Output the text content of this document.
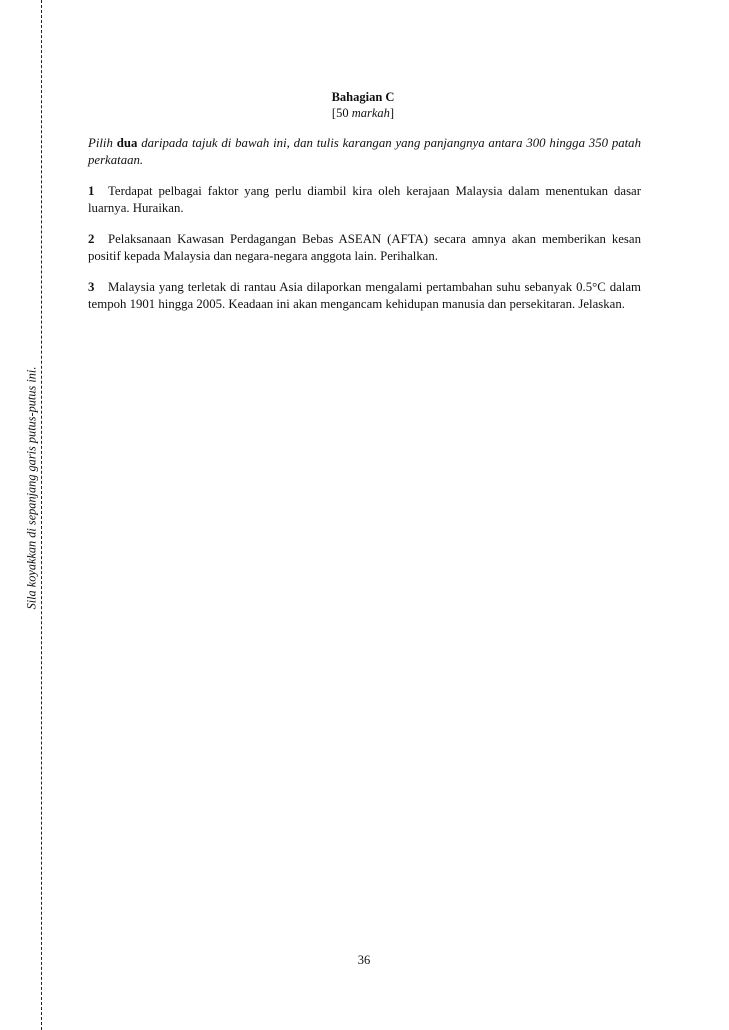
Sila koyakkan di sepanjang garis putus-putus ini.
Bahagian C
[50 markah]

Pilih dua daripada tajuk di bawah ini, dan tulis karangan yang panjangnya antara 300 hingga 350 patah perkataan.

1 Terdapat pelbagai faktor yang perlu diambil kira oleh kerajaan Malaysia dalam menentukan dasar luarnya. Huraikan.

2 Pelaksanaan Kawasan Perdagangan Bebas ASEAN (AFTA) secara amnya akan memberikan kesan positif kepada Malaysia dan negara-negara anggota lain. Perihalkan.

3 Malaysia yang terletak di rantau Asia dilaporkan mengalami pertambahan suhu sebanyak 0.5°C dalam tempoh 1901 hingga 2005. Keadaan ini akan mengancam kehidupan manusia dan persekitaran. Jelaskan.

36
